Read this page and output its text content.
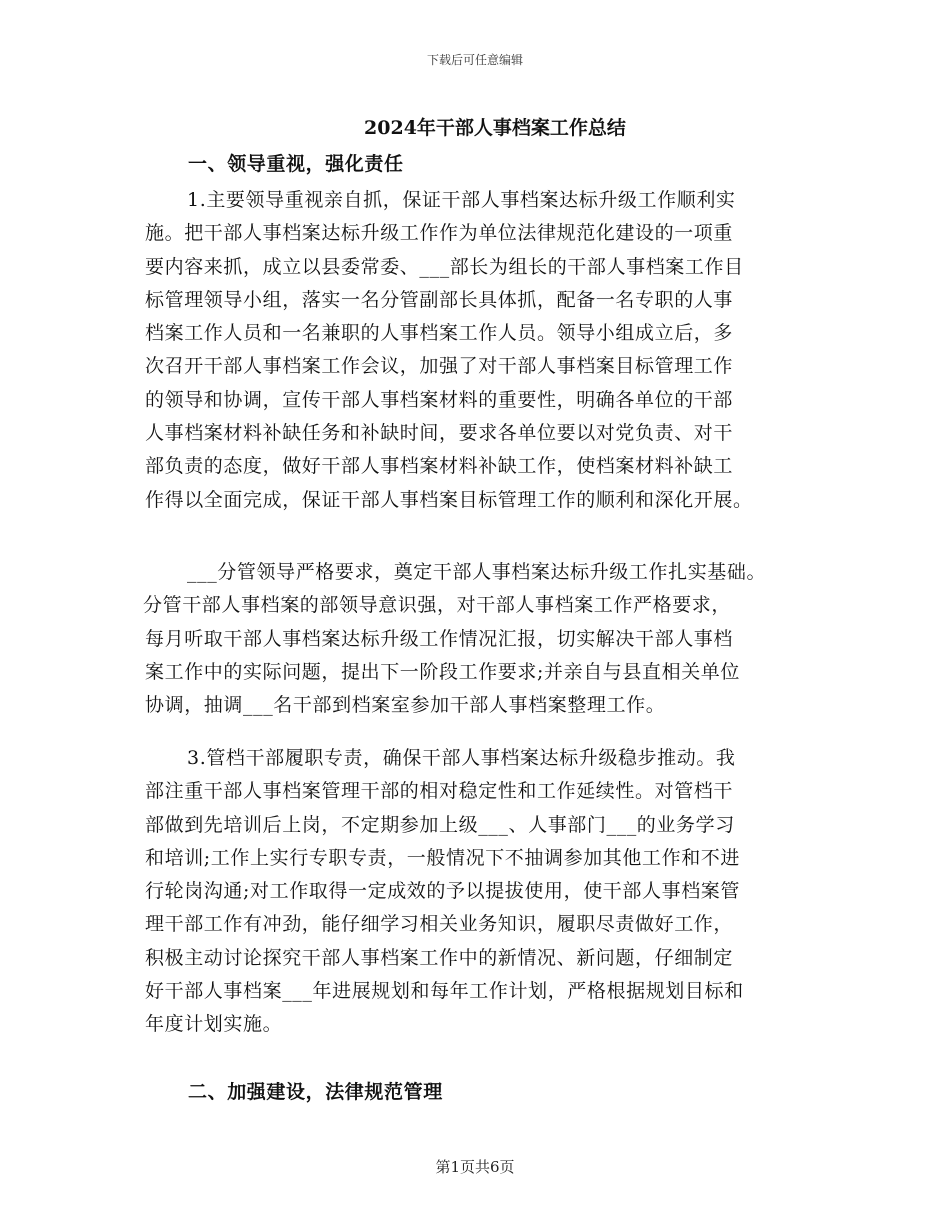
下载后可任意编辑
2024年干部人事档案工作总结
一、领导重视，强化责任
1.主要领导重视亲自抓，保证干部人事档案达标升级工作顺利实
施。把干部人事档案达标升级工作作为单位法律规范化建设的一项重
要内容来抓，成立以县委常委、___部长为组长的干部人事档案工作目
标管理领导小组，落实一名分管副部长具体抓，配备一名专职的人事
档案工作人员和一名兼职的人事档案工作人员。领导小组成立后，多
次召开干部人事档案工作会议，加强了对干部人事档案目标管理工作
的领导和协调，宣传干部人事档案材料的重要性，明确各单位的干部
人事档案材料补缺任务和补缺时间，要求各单位要以对党负责、对干
部负责的态度，做好干部人事档案材料补缺工作，使档案材料补缺工
作得以全面完成，保证干部人事档案目标管理工作的顺利和深化开展。
___分管领导严格要求，奠定干部人事档案达标升级工作扎实基础。
分管干部人事档案的部领导意识强，对干部人事档案工作严格要求，
每月听取干部人事档案达标升级工作情况汇报，切实解决干部人事档
案工作中的实际问题，提出下一阶段工作要求;并亲自与县直相关单位
协调，抽调___名干部到档案室参加干部人事档案整理工作。
3.管档干部履职专责，确保干部人事档案达标升级稳步推动。我
部注重干部人事档案管理干部的相对稳定性和工作延续性。对管档干
部做到先培训后上岗，不定期参加上级___、人事部门___的业务学习
和培训;工作上实行专职专责，一般情况下不抽调参加其他工作和不进
行轮岗沟通;对工作取得一定成效的予以提拔使用，使干部人事档案管
理干部工作有冲劲，能仔细学习相关业务知识，履职尽责做好工作，
积极主动讨论探究干部人事档案工作中的新情况、新问题，仔细制定
好干部人事档案___年进展规划和每年工作计划，严格根据规划目标和
年度计划实施。
二、加强建设，法律规范管理
第1页共6页
